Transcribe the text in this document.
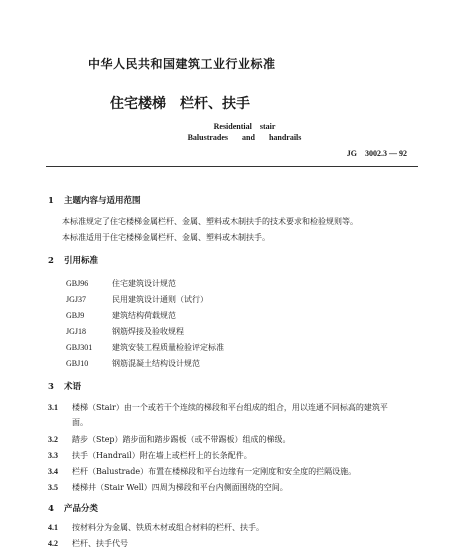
中华人民共和国建筑工业行业标准
住宅楼梯　栏杆、扶手
Residential　stair
Balustrades and handrails
JG　3002.3 — 92
1 主题内容与适用范围
本标准规定了住宅楼梯金属栏杆、金属、塑料或木制扶手的技术要求和检验规则等。
本标准适用于住宅楼梯金属栏杆、金属、塑料或木制扶手。
2 引用标准
GBJ96	住宅建筑设计规范
JGJ37	民用建筑设计通则（试行）
GBJ9	建筑结构荷载规范
JGJ18	钢筋焊接及验收规程
GBJ301 建筑安装工程质量检验评定标准
GBJ10	钢筋混凝土结构设计规范
3 术语
3.1 楼梯（Stair）由一个或若干个连续的梯段和平台组成的组合，用以连通不同标高的建筑平
面。
3.2 踏步（Step）踏步面和踏步踢板（或不带踢板）组成的梯级。
3.3 扶手（Handrail）附在墙上或栏杆上的长条配件。
3.4 栏杆（Balustrade）布置在楼梯段和平台边缘有一定刚度和安全度的拦隔设施。
3.5 楼梯井（Stair Well）四周为梯段和平台内侧面围绕的空间。
4 产品分类
4.1 按材料分为金属、铁质木材或组合材料的栏杆、扶手。
4.2 栏杆、扶手代号
